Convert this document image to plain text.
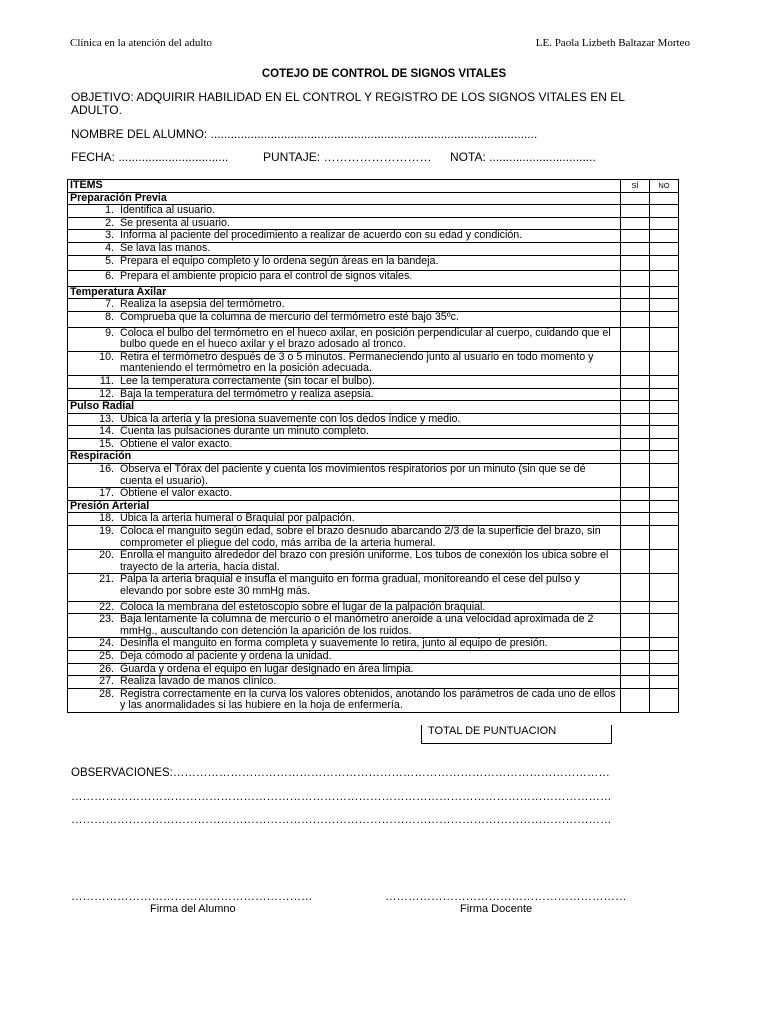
Clínica en la atención del adulto	LE. Paola Lizbeth Baltazar Morteo
COTEJO DE CONTROL DE SIGNOS VITALES
OBJETIVO: ADQUIRIR HABILIDAD EN EL CONTROL Y REGISTRO DE LOS SIGNOS VITALES EN EL ADULTO.
NOMBRE DEL ALUMNO: ..................................................................................................
FECHA: .................................	PUNTAJE: ……………………… NOTA: ................................
ITEMS	SÍ	NO
Preparación Previa		

1. Identifica al usuario.		

2. Se presenta al usuario.		

3. Informa al paciente del procedimiento a realizar de acuerdo con su edad y condición.		

4. Se lava las manos.		

5. Prepara el equipo completo y lo ordena según áreas en la bandeja.		

6. Prepara el ambiente propicio para el control de signos vitales.		

Temperatura Axilar		

7. Realiza la asepsia del termómetro.		

8. Comprueba que la columna de mercurio del termómetro esté bajo 35ºc.		

9. Coloca el bulbo del termómetro en el hueco axilar, en posición perpendicular al cuerpo, cuidando que el bulbo quede en el hueco axilar y el brazo adosado al tronco.		

10. Retira el termómetro después de 3 o 5 minutos. Permaneciendo junto al usuario en todo momento y manteniendo el termómetro en la posición adecuada.		

11. Lee la temperatura correctamente (sin tocar el bulbo).		

12. Baja la temperatura del termómetro y realiza asepsia.		

Pulso Radial		

13. Ubica la arteria y la presiona suavemente con los dedos índice y medio.		

14. Cuenta las pulsaciones durante un minuto completo.		

15. Obtiene el valor exacto.		

Respiración		

16. Observa el Tórax del paciente y cuenta los movimientos respiratorios por un minuto (sin que se dé cuenta el usuario).		

17. Obtiene el valor exacto.		

Presión Arterial		

18. Ubica la arteria humeral o Braquial por palpación.		

19. Coloca el manguito según edad, sobre el brazo desnudo abarcando 2/3 de la superficie del brazo, sin comprometer el pliegue del codo, más arriba de la arteria humeral.		

20. Enrolla el manguito alrededor del brazo con presión uniforme. Los tubos de conexión los ubica sobre el trayecto de la arteria, hacia distal.		

21. Palpa la arteria braquial e insufla el manguito en forma gradual, monitoreando el cese del pulso y elevando por sobre este 30 mmHg más.		

22. Coloca la membrana del estetoscopio sobre el lugar de la palpación braquial.		

23. Baja lentamente la columna de mercurio o el manómetro aneroide a una velocidad aproximada de 2 mmHg., auscultando con detención la aparición de los ruidos.		

24. Desinfla el manguito en forma completa y suavemente lo retira, junto al equipo de presión.		

25. Deja cómodo al paciente y ordena la unidad.		

26. Guarda y ordena el equipo en lugar designado en área limpia.		

27. Realiza lavado de manos clínico.		

28. Registra correctamente en la curva los valores obtenidos, anotando los parámetros de cada uno de ellos y las anormalidades si las hubiere en la hoja de enfermería.		

TOTAL DE PUNTUACION
OBSERVACIONES:……………………………………………………………………………………………………
……………………………………………………………………………………………………………………………
……………………………………………………………………………………………………………………………
………………………………………………………
Firma del Alumno
………………………………………………………
Firma Docente
